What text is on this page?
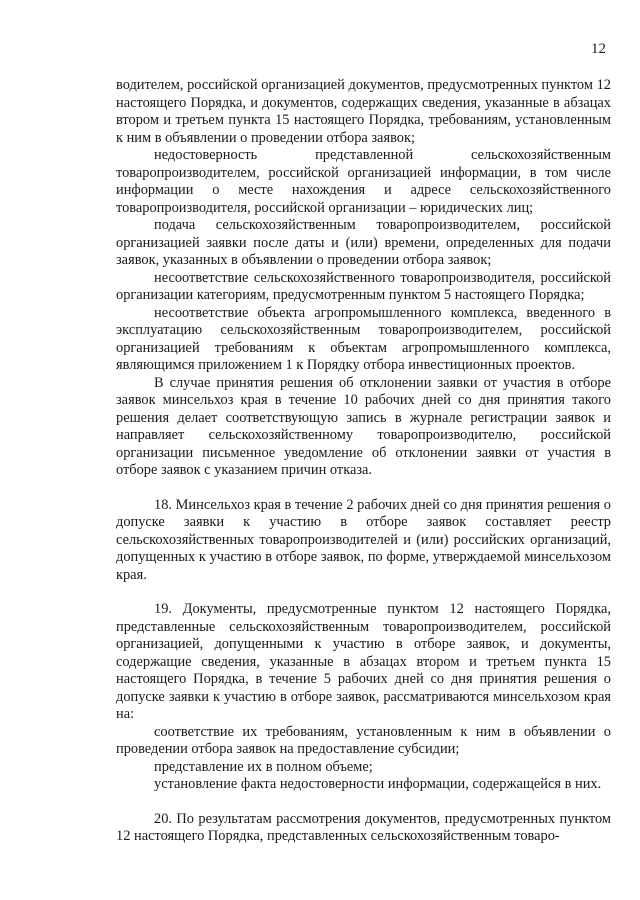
12

водителем, российской организацией документов, предусмотренных пунктом 12 настоящего Порядка, и документов, содержащих сведения, указанные в абзацах втором и третьем пункта 15 настоящего Порядка, требованиям, установленным к ним в объявлении о проведении отбора заявок;

недостоверность представленной сельскохозяйственным товаропроизводителем, российской организацией информации, в том числе информации о месте нахождения и адресе сельскохозяйственного товаропроизводителя, российской организации – юридических лиц;

подача сельскохозяйственным товаропроизводителем, российской организацией заявки после даты и (или) времени, определенных для подачи заявок, указанных в объявлении о проведении отбора заявок;

несоответствие сельскохозяйственного товаропроизводителя, российской организации категориям, предусмотренным пунктом 5 настоящего Порядка;

несоответствие объекта агропромышленного комплекса, введенного в эксплуатацию сельскохозяйственным товаропроизводителем, российской организацией требованиям к объектам агропромышленного комплекса, являющимся приложением 1 к Порядку отбора инвестиционных проектов.

В случае принятия решения об отклонении заявки от участия в отборе заявок минсельхоз края в течение 10 рабочих дней со дня принятия такого решения делает соответствующую запись в журнале регистрации заявок и направляет сельскохозяйственному товаропроизводителю, российской организации письменное уведомление об отклонении заявки от участия в отборе заявок с указанием причин отказа.

18. Минсельхоз края в течение 2 рабочих дней со дня принятия решения о допуске заявки к участию в отборе заявок составляет реестр сельскохозяйственных товаропроизводителей и (или) российских организаций, допущенных к участию в отборе заявок, по форме, утверждаемой минсельхозом края.

19. Документы, предусмотренные пунктом 12 настоящего Порядка, представленные сельскохозяйственным товаропроизводителем, российской организацией, допущенными к участию в отборе заявок, и документы, содержащие сведения, указанные в абзацах втором и третьем пункта 15 настоящего Порядка, в течение 5 рабочих дней со дня принятия решения о допуске заявки к участию в отборе заявок, рассматриваются минсельхозом края на:

соответствие их требованиям, установленным к ним в объявлении о проведении отбора заявок на предоставление субсидии;

представление их в полном объеме;

установление факта недостоверности информации, содержащейся в них.

20. По результатам рассмотрения документов, предусмотренных пунктом 12 настоящего Порядка, представленных сельскохозяйственным товаро-
